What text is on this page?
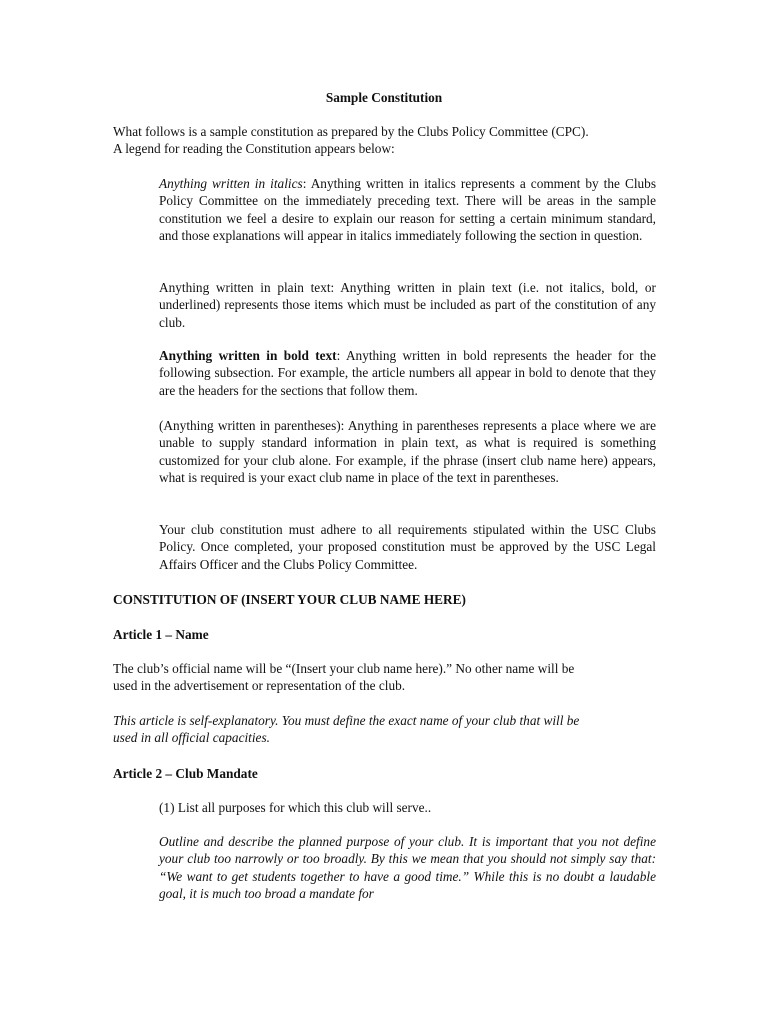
Sample Constitution

What follows is a sample constitution as prepared by the Clubs Policy Committee (CPC).
A legend for reading the Constitution appears below:

Anything written in italics: Anything written in italics represents a comment by the Clubs Policy Committee on the immediately preceding text. There will be areas in the sample constitution we feel a desire to explain our reason for setting a certain minimum standard, and those explanations will appear in italics immediately following the section in question.

Anything written in plain text: Anything written in plain text (i.e. not italics, bold, or underlined) represents those items which must be included as part of the constitution of any club.

Anything written in bold text: Anything written in bold represents the header for the following subsection. For example, the article numbers all appear in bold to denote that they are the headers for the sections that follow them.

(Anything written in parentheses): Anything in parentheses represents a place where we are unable to supply standard information in plain text, as what is required is something customized for your club alone. For example, if the phrase (insert club name here) appears, what is required is your exact club name in place of the text in parentheses.

Your club constitution must adhere to all requirements stipulated within the USC Clubs Policy. Once completed, your proposed constitution must be approved by the USC Legal Affairs Officer and the Clubs Policy Committee.

CONSTITUTION OF (INSERT YOUR CLUB NAME HERE)

Article 1 – Name

The club’s official name will be “(Insert your club name here).” No other name will be
used in the advertisement or representation of the club.

This article is self-explanatory. You must define the exact name of your club that will be
used in all official capacities.

Article 2 – Club Mandate

(1) List all purposes for which this club will serve..

Outline and describe the planned purpose of your club. It is important that you not define your club too narrowly or too broadly. By this we mean that you should not simply say that: “We want to get students together to have a good time.” While this is no doubt a laudable goal, it is much too broad a mandate for
